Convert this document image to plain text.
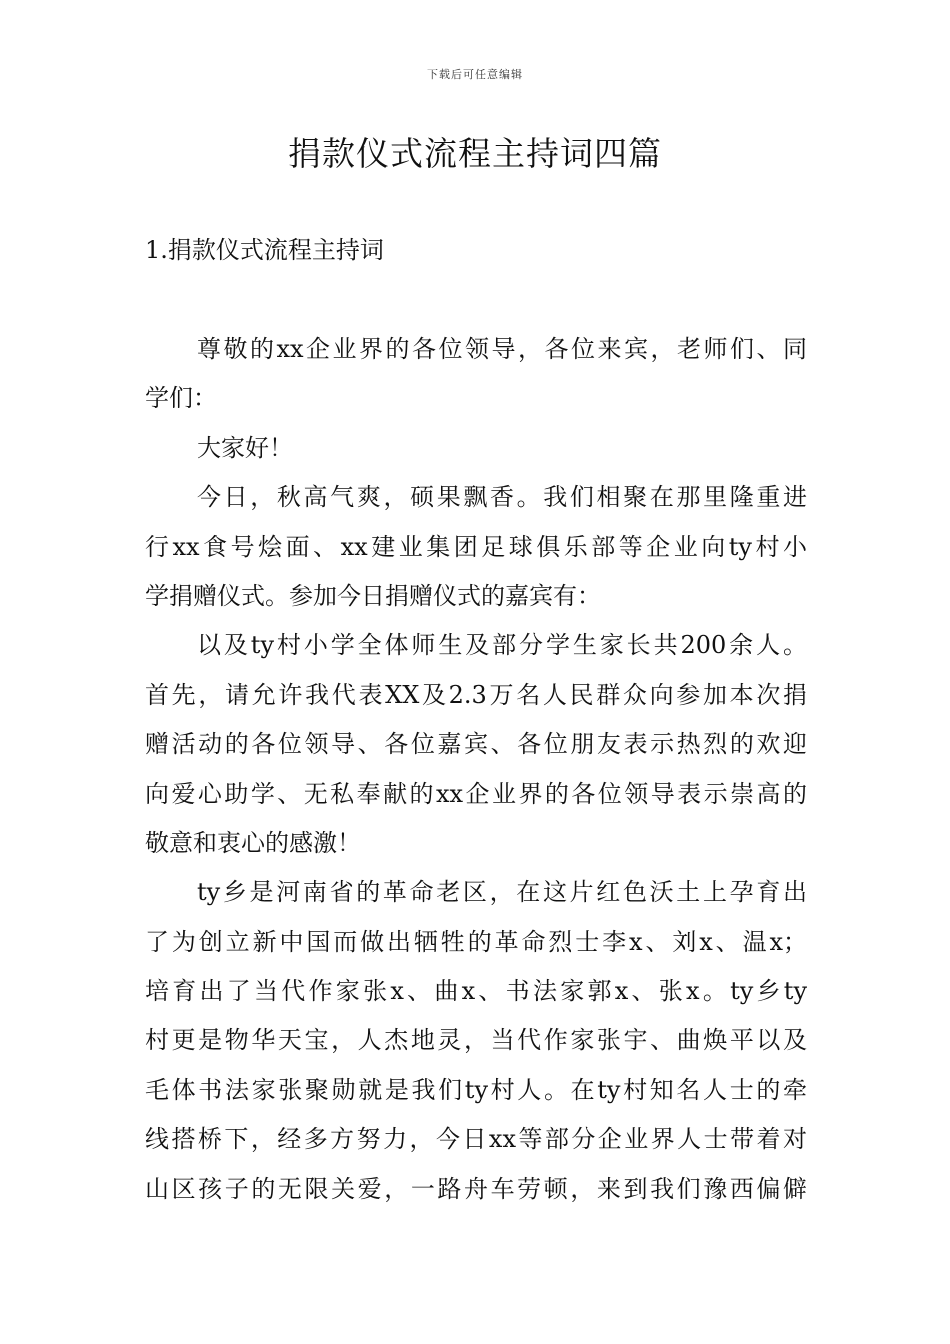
下载后可任意编辑
捐款仪式流程主持词四篇
1.捐款仪式流程主持词

尊敬的xx企业界的各位领导，各位来宾，老师们、同
学们：

大家好！

今日，秋高气爽，硕果飘香。我们相聚在那里隆重进
行xx食号烩面、xx建业集团足球俱乐部等企业向ty村小
学捐赠仪式。参加今日捐赠仪式的嘉宾有：

以及ty村小学全体师生及部分学生家长共200余人。
首先，请允许我代表XX及2.3万名人民群众向参加本次捐
赠活动的各位领导、各位嘉宾、各位朋友表示热烈的欢迎
向爱心助学、无私奉献的xx企业界的各位领导表示崇高的
敬意和衷心的感激！

ty乡是河南省的革命老区，在这片红色沃土上孕育出
了为创立新中国而做出牺牲的革命烈士李x、刘x、温x；
培育出了当代作家张x、曲x、书法家郭x、张x。ty乡ty
村更是物华天宝，人杰地灵，当代作家张宇、曲焕平以及
毛体书法家张聚勋就是我们ty村人。在ty村知名人士的牵
线搭桥下，经多方努力，今日xx等部分企业界人士带着对
山区孩子的无限关爱，一路舟车劳顿，来到我们豫西偏僻
